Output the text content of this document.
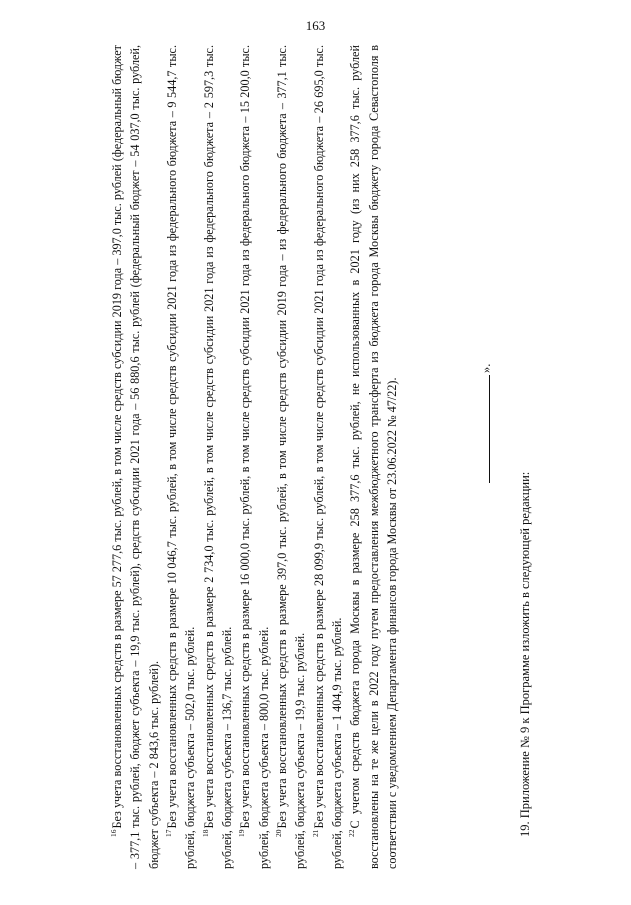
163

$^{16}$Без учета восстановленных средств в размере 57 277,6 тыс. рублей, в том числе средств субсидии 2019 года – 397,0 тыс. рублей (федеральный бюджет – 377,1 тыс. рублей, бюджет субъекта – 19,9 тыс. рублей), средств субсидии 2021 года – 56 880,6 тыс. рублей (федеральный бюджет – 54 037,0 тыс. рублей, бюджет субъекта – 2 843,6 тыс. рублей). $^{17}$Без учета восстановленных средств в размере 10 046,7 тыс. рублей, в том числе средств субсидии 2021 года из федерального бюджета – 9 544,7 тыс. рублей, бюджета субъекта – 502,0 тыс. рублей. $^{18}$Без учета восстановленных средств в размере 2 734,0 тыс. рублей, в том числе средств субсидии 2021 года из федерального бюджета – 2 597,3 тыс. рублей, бюджета субъекта – 136,7 тыс. рублей. $^{19}$Без учета восстановленных средств в размере 16 000,0 тыс. рублей, в том числе средств субсидии 2021 года из федерального бюджета – 15 200,0 тыс. рублей, бюджета субъекта – 800,0 тыс. рублей. $^{20}$Без учета восстановленных средств в размере 397,0 тыс. рублей, в том числе средств субсидии 2019 года – из федерального бюджета – 377,1 тыс. рублей, бюджета субъекта – 19,9 тыс. рублей. $^{21}$Без учета восстановленных средств в размере 28 099,9 тыс. рублей, в том числе средств субсидии 2021 года из федерального бюджета – 26 695,0 тыс. рублей, бюджета субъекта – 1 404,9 тыс. рублей. $^{22}$С учетом средств бюджета города Москвы в размере 258 377,6 тыс. рублей, не использованных в 2021 году (из них 258 377,6 тыс. рублей восстановлены на те же цели в 2022 году путем предоставления межбюджетного трансферта из бюджета города Москвы бюджету города Севастополя в соответствии с уведомлением Департамента финансов города Москвы от 23.06.2022 № 47/22).

».
19. Приложение № 9 к Программе изложить в следующей редакции:
